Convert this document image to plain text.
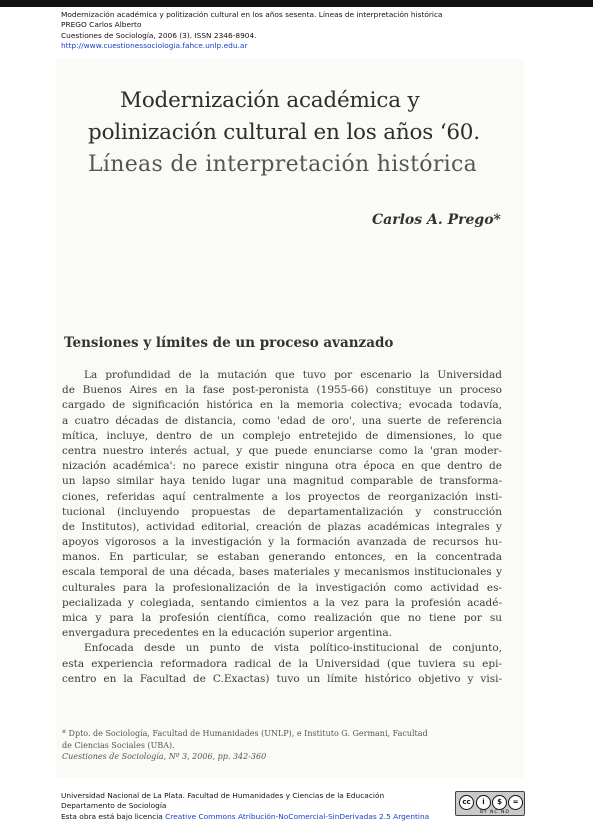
Modernización académica y politización cultural en los años sesenta. Líneas de interpretación histórica
PREGO Carlos Alberto
Cuestiones de Sociología, 2006 (3). ISSN 2346-8904.
http://www.cuestionessociologia.fahce.unlp.edu.ar
Modernización académica y
polinización cultural en los años ‘60.
Líneas de interpretación histórica
Carlos A. Prego*
Tensiones y límites de un proceso avanzado
La profundidad de la mutación que tuvo por escenario la Universidad
de Buenos Aires en la fase post-peronista (1955-66) constituye un proceso
cargado de significación histórica en la memoria colectiva; evocada todavía,
a cuatro décadas de distancia, como 'edad de oro', una suerte de referencia
mítica, incluye, dentro de un complejo entretejido de dimensiones, lo que
centra nuestro interés actual, y que puede enunciarse como la 'gran moder-
nización académica': no parece existir ninguna otra época en que dentro de
un lapso similar haya tenido lugar una magnitud comparable de transforma-
ciones, referidas aquí centralmente a los proyectos de reorganización insti-
tucional (incluyendo propuestas de departamentalización y construcción
de Institutos), actividad editorial, creación de plazas académicas integrales y
apoyos vigorosos a la investigación y la formación avanzada de recursos hu-
manos. En particular, se estaban generando entonces, en la concentrada
escala temporal de una década, bases materiales y mecanismos institucionales y
culturales para la profesionalización de la investigación como actividad es-
pecializada y colegiada, sentando cimientos a la vez para la profesión acadé-
mica y para la profesión científica, como realización que no tiene por su
envergadura precedentes en la educación superior argentina.
Enfocada desde un punto de vista político-institucional de conjunto,
esta experiencia reformadora radical de la Universidad (que tuviera su epi-
centro en la Facultad de C.Exactas) tuvo un límite histórico objetivo y visi-
* Dpto. de Sociología, Facultad de Humanidades (UNLP), e Instituto G. Germani, Facultad
de Ciencias Sociales (UBA).
Cuestiones de Sociología, Nº 3, 2006, pp. 342-360
Universidad Nacional de La Plata. Facultad de Humanidades y Ciencias de la Educación
Departamento de Sociología
Esta obra está bajo licencia Creative Commons Atribución-NoComercial-SinDerivadas 2.5 Argentina
cc	i	$	=
BY NC ND
